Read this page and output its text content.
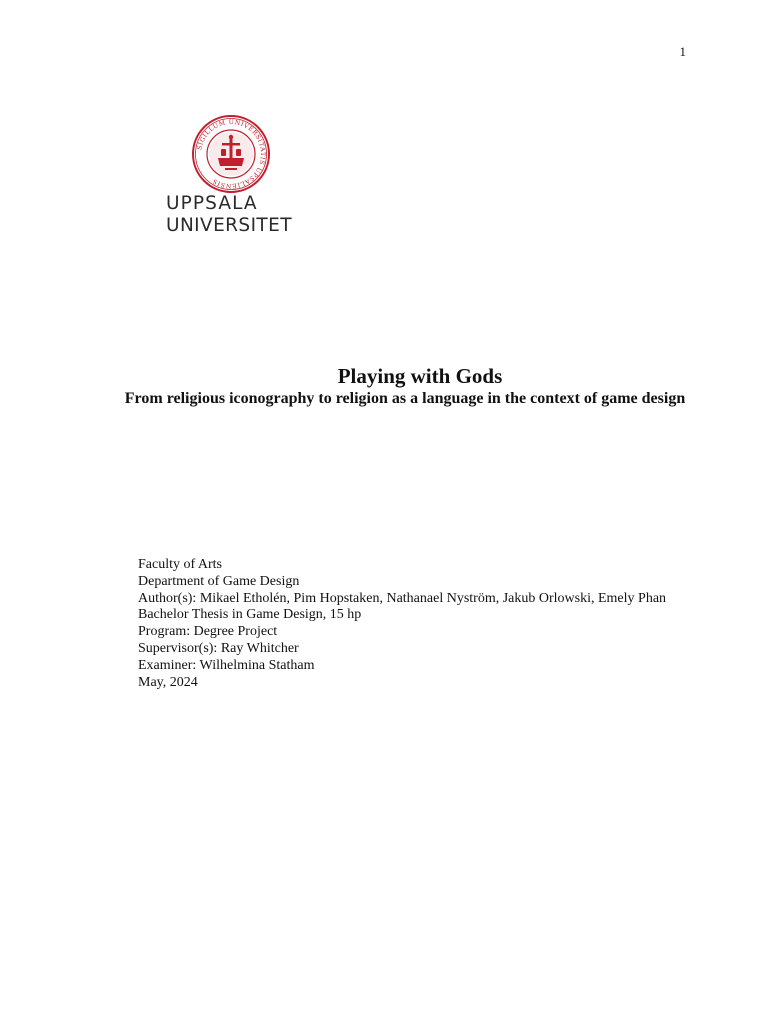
1
SIGILLUM UNIVERSITATIS UPSALIENSIS
UPPSALA
UNIVERSITET
Playing with Gods
From religious iconography to religion as a language in the context of game design
Faculty of Arts
Department of Game Design
Author(s): Mikael Etholén, Pim Hopstaken, Nathanael Nyström, Jakub Orlowski, Emely Phan
Bachelor Thesis in Game Design, 15 hp
Program: Degree Project
Supervisor(s): Ray Whitcher
Examiner: Wilhelmina Statham
May, 2024
